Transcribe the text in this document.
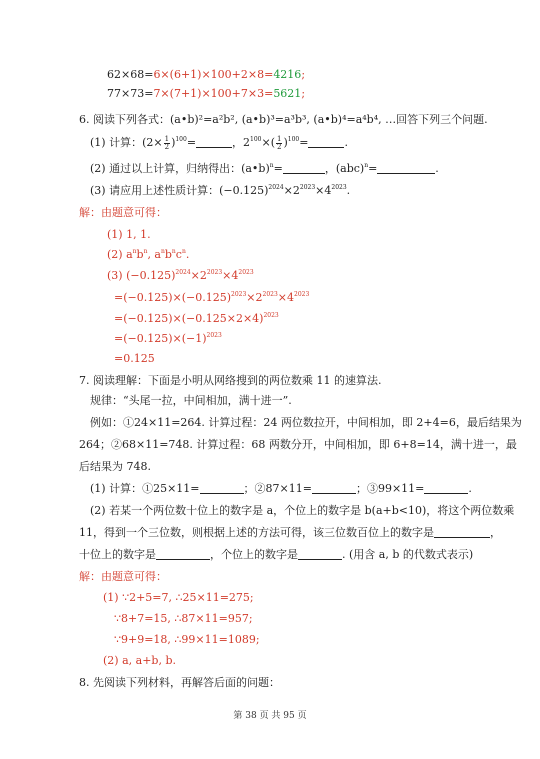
62×68=6×(6+1)×100+2×8=4216;
77×73=7×(7+1)×100+7×3=5621;
6. 阅读下列各式：(a•b)²=a²b², (a•b)³=a³b³, (a•b)⁴=a⁴b⁴, …回答下列三个问题.
(1) 计算：$(2\times \frac{1}{2} )^{100}=$	，$2^{100}\times( \frac{1}{2} )^{100}=$	.
(2) 通过以上计算，归纳得出：(a•b)$^n$=	，(abc)$^n$=	.
(3) 请应用上述性质计算：$(-0.125)^{2024}\times 2^{2023}\times 4^{2023}$.
解：由题意可得：
(1) 1, 1.
(2) $a^nb^n$, $a^nb^nc^n$.
(3) $(-0.125)^{2024}\times 2^{2023}\times 4^{2023}$
$=(-0.125)\times(-0.125)^{2023}\times 2^{2023}\times 4^{2023}$
$=(-0.125)\times(-0.125\times 2\times 4)^{2023}$
$=(-0.125)\times(-1)^{2023}$
=0.125
7. 阅读理解：下面是小明从网络搜到的两位数乘 11 的速算法.
规律：“头尾一拉，中间相加，满十进一”.
例如：①24×11=264. 计算过程：24 两位数拉开，中间相加，即 2+4=6，最后结果为
264；②68×11=748. 计算过程：68 两数分开，中间相加，即 6+8=14，满十进一，最
后结果为 748.
(1) 计算：①25×11=	；②87×11=	；③99×11=	.
(2) 若某一个两位数十位上的数字是 a，个位上的数字是 b(a+b<10)，将这个两位数乘
11，得到一个三位数，则根据上述的方法可得，该三位数百位上的数字是	，
十位上的数字是	，个位上的数字是	. (用含 a, b 的代数式表示)
解：由题意可得：
(1) ∵2+5=7, ∴25×11=275;
∵8+7=15, ∴87×11=957;
∵9+9=18, ∴99×11=1089;
(2) a, a+b, b.
8. 先阅读下列材料，再解答后面的问题：
第 38 页 共 95 页
